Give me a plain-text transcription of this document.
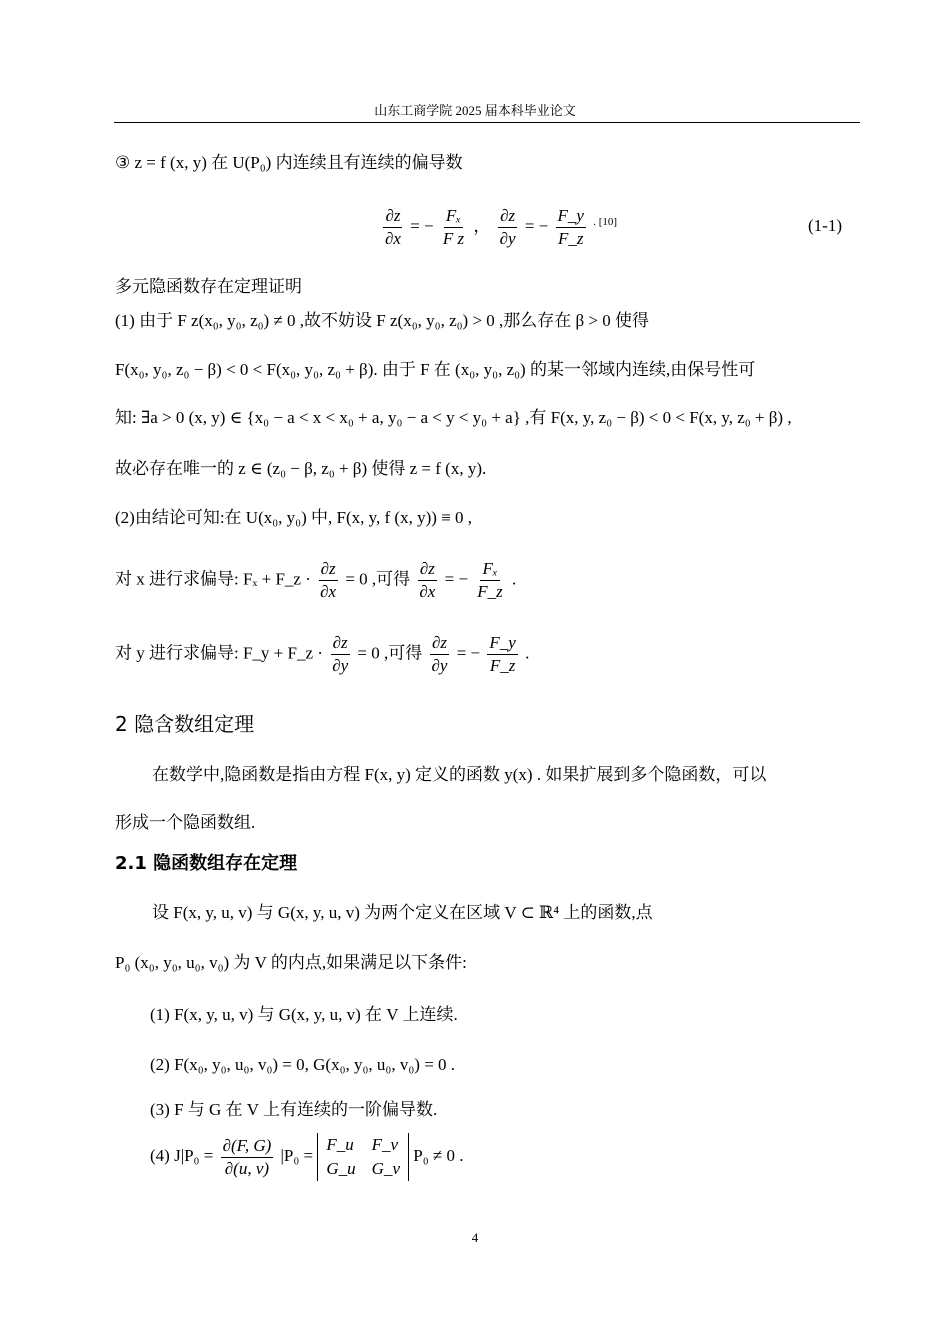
山东工商学院 2025 届本科毕业论文
③ z = f (x, y) 在 U(P₀) 内连续且有连续的偏导数
$\frac{\partial z}{\partial x}$ = − $\frac{\text{Fₓ}}{\text{F z}}$ ， $\frac{\partial z}{\partial y}$ = − $\frac{F\_y}{F\_z} ^{. [10]}$	(1-1)
多元隐函数存在定理证明
(1) 由于 F z(x₀, y₀, z₀) ≠ 0 ,故不妨设 F z(x₀, y₀, z₀) > 0 ,那么存在 β > 0 使得
F(x₀, y₀, z₀ − β) < 0 < F(x₀, y₀, z₀ + β). 由于 F 在 (x₀, y₀, z₀) 的某一邻域内连续,由保号性可
知: ∃a > 0 (x, y) ∈ {x₀ − a < x < x₀ + a, y₀ − a < y < y₀ + a} ,有 F(x, y, z₀ − β) < 0 < F(x, y, z₀ + β) ,
故必存在唯一的 z ∈ (z₀ − β, z₀ + β) 使得 z = f (x, y).
(2)由结论可知:在 U(x₀, y₀) 中, F(x, y, f (x, y)) ≡ 0 ,
对 x 进行求偏导: Fₓ + F_z · $\frac{\partial z}{\partial x} = 0$ ,可得 $\frac{\partial z}{\partial x}$ = − $\frac{\text{Fₓ}}{F\_z}$ .
对 y 进行求偏导: F_y + F_z · $\frac{\partial z}{\partial y} = 0$ ,可得 $\frac{\partial z}{\partial y}$ = − $\frac{F\_y}{F\_z}$ .
2 隐含数组定理
在数学中,隐函数是指由方程 F(x, y) 定义的函数 y(x) . 如果扩展到多个隐函数，可以
形成一个隐函数组.
2.1 隐函数组存在定理
设 F(x, y, u, v) 与 G(x, y, u, v) 为两个定义在区域 V ⊂ ℝ⁴ 上的函数,点
P₀ (x₀, y₀, u₀, v₀) 为 V 的内点,如果满足以下条件:
(1) F(x, y, u, v) 与 G(x, y, u, v) 在 V 上连续.
(2) F(x₀, y₀, u₀, v₀) = 0, G(x₀, y₀, u₀, v₀) = 0 .
(3) F 与 G 在 V 上有连续的一阶偏导数.
(4) $J|P_0 = \frac{\partial(F, G)}{\partial(u, v)} |P_0$ = F_u	F_v
G_u	G_v P₀ ≠ 0 .
4
